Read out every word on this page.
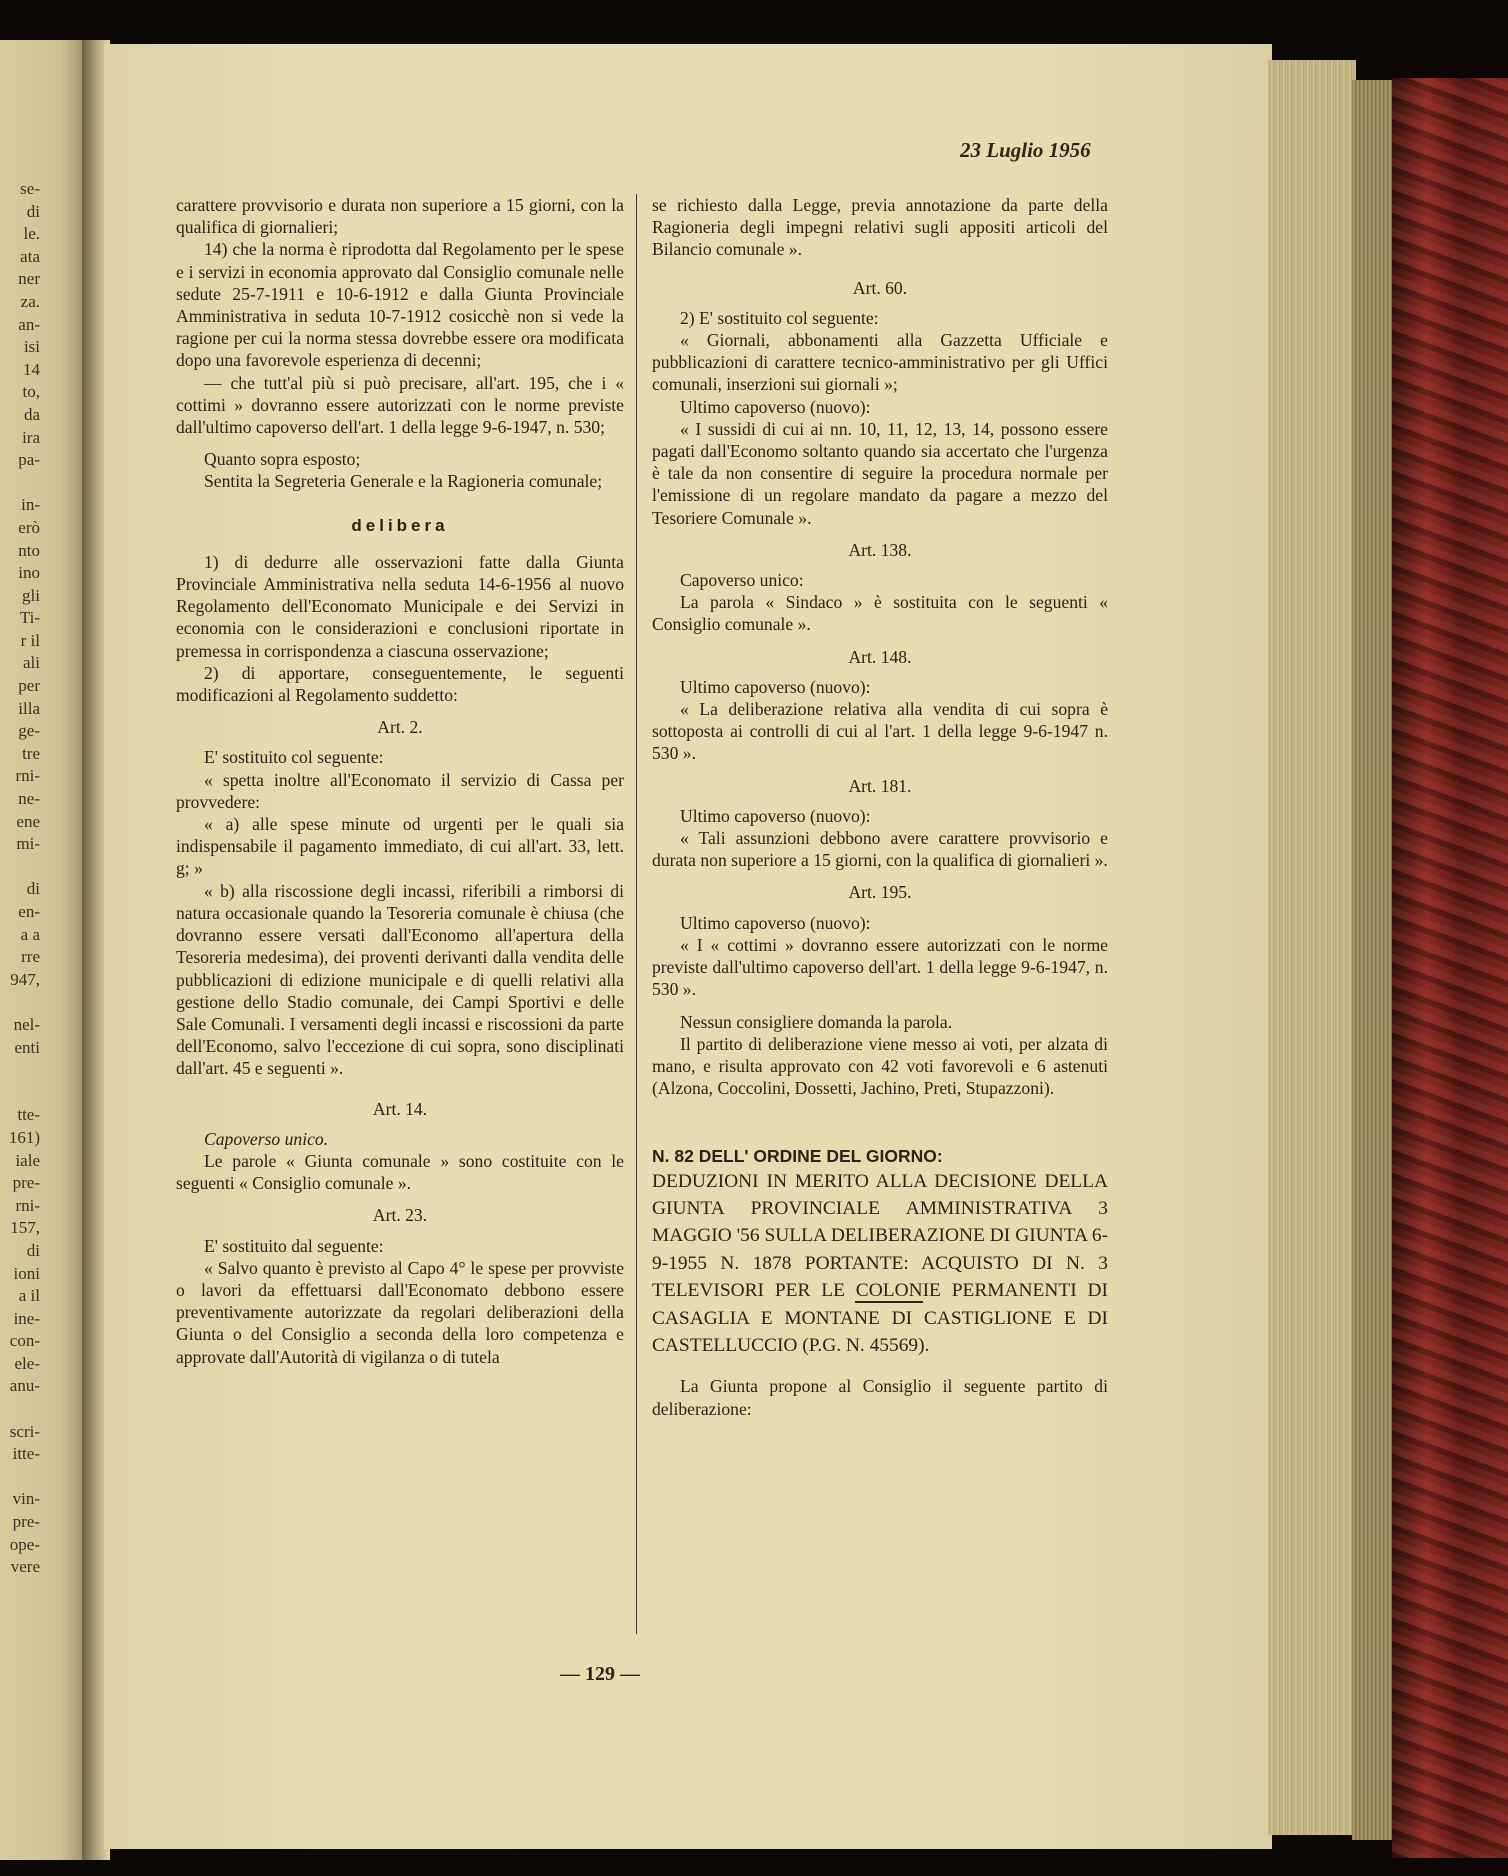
se-
di
le.
ata
ner
za.
an-
isi
14
to,
da
ira
pa-
in-
erò
nto
ino
gli
Ti-
r il
ali
per
illa
ge-
tre
rni-
ne-
ene
mi-
di
en-
a a
rre
947,
nel-
enti
tte-
161)
iale
pre-
rni-
157,
di
ioni
a il
ine-
con-
ele-
anu-
scri-
itte-
vin-
pre-
ope-
vere
23 Luglio 1956

carattere provvisorio e durata non superiore a 15 giorni, con la qualifica di giornalieri;

14) che la norma è riprodotta dal Regolamento per le spese e i servizi in economia approvato dal Consiglio comunale nelle sedute 25-7-1911 e 10-6-1912 e dalla Giunta Provinciale Amministrativa in seduta 10-7-1912 cosicchè non si vede la ragione per cui la norma stessa dovrebbe essere ora modificata dopo una favorevole esperienza di decenni;

— che tutt'al più si può precisare, all'art. 195, che i « cottimi » dovranno essere autorizzati con le norme previste dall'ultimo capoverso dell'art. 1 della legge 9-6-1947, n. 530;

Quanto sopra esposto;

Sentita la Segreteria Generale e la Ragioneria comunale;

delibera

1) di dedurre alle osservazioni fatte dalla Giunta Provinciale Amministrativa nella seduta 14-6-1956 al nuovo Regolamento dell'Economato Municipale e dei Servizi in economia con le considerazioni e conclusioni riportate in premessa in corrispondenza a ciascuna osservazione;

2) di apportare, conseguentemente, le seguenti modificazioni al Regolamento suddetto:

Art. 2.

E' sostituito col seguente:

« spetta inoltre all'Economato il servizio di Cassa per provvedere:

« a) alle spese minute od urgenti per le quali sia indispensabile il pagamento immediato, di cui all'art. 33, lett. g; »

« b) alla riscossione degli incassi, riferibili a rimborsi di natura occasionale quando la Tesoreria comunale è chiusa (che dovranno essere versati dall'Economo all'apertura della Tesoreria medesima), dei proventi derivanti dalla vendita delle pubblicazioni di edizione municipale e di quelli relativi alla gestione dello Stadio comunale, dei Campi Sportivi e delle Sale Comunali. I versamenti degli incassi e riscossioni da parte dell'Economo, salvo l'eccezione di cui sopra, sono disciplinati dall'art. 45 e seguenti ».

Art. 14.

Capoverso unico.

Le parole « Giunta comunale » sono costituite con le seguenti « Consiglio comunale ».

Art. 23.

E' sostituito dal seguente:

« Salvo quanto è previsto al Capo 4° le spese per provviste o lavori da effettuarsi dall'Economato debbono essere preventivamente autorizzate da regolari deliberazioni della Giunta o del Consiglio a seconda della loro competenza e approvate dall'Autorità di vigilanza o di tutela

se richiesto dalla Legge, previa annotazione da parte della Ragioneria degli impegni relativi sugli appositi articoli del Bilancio comunale ».

Art. 60.

2) E' sostituito col seguente:

« Giornali, abbonamenti alla Gazzetta Ufficiale e pubblicazioni di carattere tecnico-amministrativo per gli Uffici comunali, inserzioni sui giornali »;

Ultimo capoverso (nuovo):

« I sussidi di cui ai nn. 10, 11, 12, 13, 14, possono essere pagati dall'Economo soltanto quando sia accertato che l'urgenza è tale da non consentire di seguire la procedura normale per l'emissione di un regolare mandato da pagare a mezzo del Tesoriere Comunale ».

Art. 138.

Capoverso unico:

La parola « Sindaco » è sostituita con le seguenti « Consiglio comunale ».

Art. 148.

Ultimo capoverso (nuovo):

« La deliberazione relativa alla vendita di cui sopra è sottoposta ai controlli di cui al l'art. 1 della legge 9-6-1947 n. 530 ».

Art. 181.

Ultimo capoverso (nuovo):

« Tali assunzioni debbono avere carattere provvisorio e durata non superiore a 15 giorni, con la qualifica di giornalieri ».

Art. 195.

Ultimo capoverso (nuovo):

« I « cottimi » dovranno essere autorizzati con le norme previste dall'ultimo capoverso dell'art. 1 della legge 9-6-1947, n. 530 ».

Nessun consigliere domanda la parola.

Il partito di deliberazione viene messo ai voti, per alzata di mano, e risulta approvato con 42 voti favorevoli e 6 astenuti (Alzona, Coccolini, Dossetti, Jachino, Preti, Stupazzoni).

N. 82 DELL' ORDINE DEL GIORNO:

DEDUZIONI IN MERITO ALLA DECISIONE DELLA GIUNTA PROVINCIALE AMMINISTRATIVA 3 MAGGIO '56 SULLA DELIBERAZIONE DI GIUNTA 6-9-1955 N. 1878 PORTANTE: ACQUISTO DI N. 3 TELEVISORI PER LE COLONIE PERMANENTI DI CASAGLIA E MONTANE DI CASTIGLIONE E DI CASTELLUCCIO (P.G. N. 45569).

La Giunta propone al Consiglio il seguente partito di deliberazione:

— 129 —
